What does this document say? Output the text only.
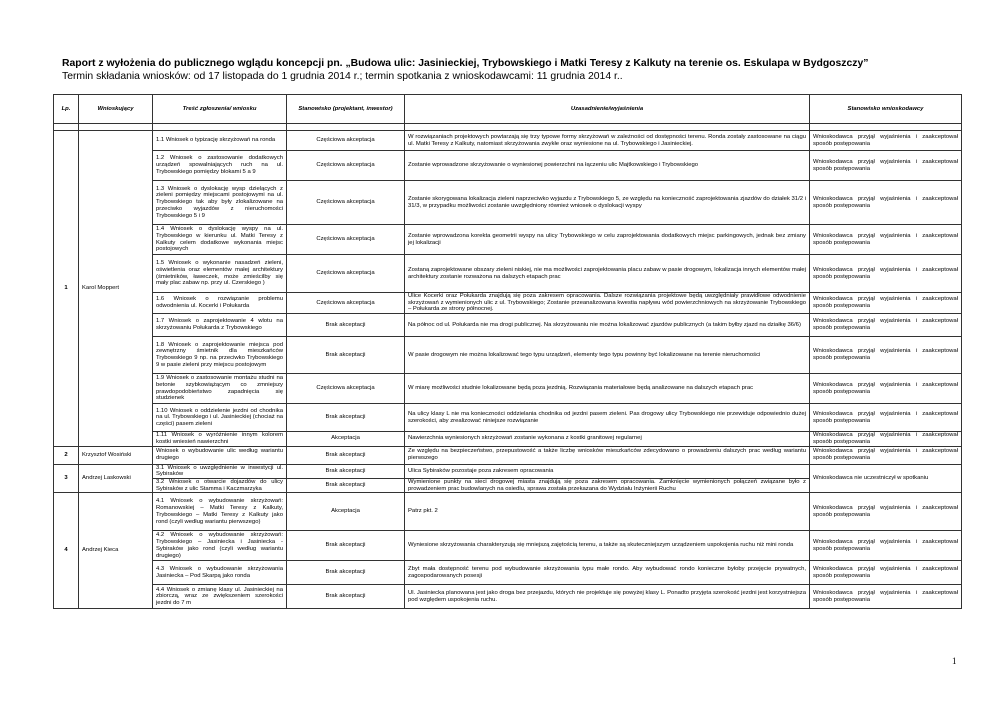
Raport z wyłożenia do publicznego wglądu koncepcji pn. „Budowa ulic: Jasinieckiej, Trybowskiego i Matki Teresy z Kalkuty na terenie os. Eskulapa w Bydgoszczy”
Termin składania wniosków: od 17 listopada do 1 grudnia 2014 r.; termin spotkania z wnioskodawcami: 11 grudnia 2014 r..
Lp.	Wnioskujący	Treść zgłoszenia/ wniosku	Stanowisko (projektant, inwestor)	Uzasadnienie/wyjaśnienia	Stanowisko wnioskodawcy

1	Karol Moppert	1.1 Wniosek o typizację skrzyżowań na ronda	Częściowa akceptacja	W rozwiązaniach projektowych powtarzają się trzy typowe formy skrzyżowań w zależności od dostępności terenu. Ronda zostały zastosowane na ciągu ul. Matki Teresy z Kalkuty, natomiast skrzyżowania zwykłe oraz wyniesione na ul. Trybowskiego i Jasinieckiej.	Wnioskodawca przyjął wyjaśnienia i zaakceptował sposób postępowania
		1.2 Wniosek o zastosowanie dodatkowych urządzeń spowalniających ruch na ul. Trybowskiego pomiędzy blokami 5 a 9	Częściowa akceptacja	Zostanie wprowadzone skrzyżowanie o wyniesionej powierzchni na łączeniu ulic Majtkowskiego i Trybowskiego	Wnioskodawca przyjął wyjaśnienia i zaakceptował sposób postępowania
		1.3 Wniosek o dyslokację wysp dzielących z zieleni pomiędzy miejscami postojowymi na ul. Trybowskiego tak aby były zlokalizowane na przeciwko wyjazdów z nieruchomości Trybowskiego 5 i 9	Częściowa akceptacja	Zostanie skorygowana lokalizacja zieleni naprzeciwko wyjazdu z Trybowskiego 5, ze względu na konieczność zaprojektowania zjazdów do działek 31/2 i 31/3, w przypadku możliwości zostanie uwzględniony również wniosek o dyslokacji wyspy	Wnioskodawca przyjął wyjaśnienia i zaakceptował sposób postępowania
		1.4 Wniosek o dyslokację wyspy na ul. Trybowskiego w kierunku ul. Matki Teresy z Kalkuty celem dodatkowe wykonania miejsc postojowych	Częściowa akceptacja	Zostanie wprowadzona korekta geometrii wyspy na ulicy Trybowskiego w celu zaprojektowania dodatkowych miejsc parkingowych, jednak bez zmiany jej lokalizacji	Wnioskodawca przyjął wyjaśnienia i zaakceptował sposób postępowania
		1.5 Wniosek o wykonanie nasadzeń zieleni, oświetlenia oraz elementów małej architektury (śmietników, ławeczek, może zmieścilby się mały plac zabaw np. przy ul. Czerskiego )	Częściowa akceptacja	Zostaną zaprojektowane obszary zieleni niskiej, nie ma możliwości zaprojektowania placu zabaw w pasie drogowym, lokalizacja innych elementów małej architektury zostanie rozważona na dalszych etapach prac	Wnioskodawca przyjął wyjaśnienia i zaakceptował sposób postępowania
		1.6 Wniosek o rozwiązanie problemu odwodnienia ul. Kocerki i Połukarda	Częściowa akceptacja	Ulice Kocerki oraz Połukarda znajdują się poza zakresem opracowania. Dalsze rozwiązania projektowe będą uwzględniały prawidłowe odwodnienie skrzyżowań z wymienionych ulic z ul. Trybowskiego; Zostanie przeanalizowana kwestia napływu wód powierzchniowych na skrzyżowanie Trybowskiego – Połukarda ze strony północnej.	Wnioskodawca przyjął wyjaśnienia i zaakceptował sposób postępowania
		1.7 Wniosek o zaprojektowanie 4 wlotu na skrzyżowaniu Połukarda z Trybowskiego	Brak akceptacji	Na północ od ul. Połukarda nie ma drogi publicznej. Na skrzyżowaniu nie można lokalizować zjazdów publicznych (a takim byłby zjazd na działkę 36/6)	Wnioskodawca przyjął wyjaśnienia i zaakceptował sposób postępowania
		1.8 Wniosek o zaprojektowanie miejsca pod zewnętrzny śmietnik dla mieszkańców Trybowskiego 9 np. na przeciwko Trybowskiego 9 w pasie zieleni przy miejscu postojowym	Brak akceptacji	W pasie drogowym nie można lokalizować tego typu urządzeń, elementy tego typu powinny być lokalizowane na terenie nieruchomości	Wnioskodawca przyjął wyjaśnienia i zaakceptował sposób postępowania
		1.9 Wniosek o zastosowanie montażu studni na betonie szybkowiążącym co zmniejszy prawdopodobieństwo zapadnięcia się studzienek	Częściowa akceptacja	W miarę możliwości studnie lokalizowane będą poza jezdnią. Rozwiązania materiałowe będą analizowane na dalszych etapach prac	Wnioskodawca przyjął wyjaśnienia i zaakceptował sposób postępowania
		1.10 Wniosek o oddzielenie jezdni od chodnika na ul. Trybowskiego i ul. Jasinieckiej (chociaż na części) pasem zieleni	Brak akceptacji	Na ulicy klasy L nie ma konieczności oddzielania chodnika od jezdni pasem zieleni. Pas drogowy ulicy Trybowskiego nie przewiduje odpowiednio dużej szerokości, aby zrealizować niniejsze rozwiązanie	Wnioskodawca przyjął wyjaśnienia i zaakceptował sposób postępowania
		1.11 Wniosek o wyróżnienie innym kolorem kostki wniesień nawierzchni	Akceptacja	Nawierzchnia wyniesionych skrzyżowań zostanie wykonana z kostki granitowej regularnej	Wnioskodawca przyjął wyjaśnienia i zaakceptował sposób postępowania
2	Krzysztof Wosiński	Wniosek o wybudowanie ulic według wariantu drugiego	Brak akceptacji	Ze względu na bezpieczeństwo, przepustowość a także liczbę wniosków mieszkańców zdecydowano o prowadzeniu dalszych prac według wariantu pierwszego	Wnioskodawca przyjął wyjaśnienia i zaakceptował sposób postępowania
3	Andrzej Laskowski	3.1 Wniosek o uwzględnienie w inwestycji ul. Sybiraków	Brak akceptacji	Ulica Sybiraków pozostaje poza zakresem opracowania	Wnioskodawca nie uczestniczył w spotkaniu
		3.2 Wniosek o otwarcie dojazdów do ulicy Sybiraków z ulic Stamma i Kaczmarzyka	Brak akceptacji	Wymienione punkty na sieci drogowej miasta znajdują się poza zakresem opracowania. Zamknięcie wymienionych połączeń związane było z prowadzeniem prac budowlanych na osiedlu, sprawa została przekazana do Wydziału Inżynierii Ruchu	
4	Andrzej Kieca	4.1 Wniosek o wybudowanie skrzyżowań: Romanowskiej – Matki Teresy z Kalkuty, Trybowskiego – Matki Teresy z Kalkuty jako rond (czyli według wariantu pierwszego)	Akceptacja	Patrz pkt. 2	Wnioskodawca przyjął wyjaśnienia i zaakceptował sposób postępowania
		4.2 Wniosek o wybudowanie skrzyżowań: Trybowskiego – Jasiniecka i Jasiniecka - Sybiraków jako rond (czyli według wariantu drugiego)	Brak akceptacji	Wyniesione skrzyżowania charakteryzują się mniejszą zajętością terenu, a także są skuteczniejszym urządzeniem uspokojenia ruchu niż mini ronda	Wnioskodawca przyjął wyjaśnienia i zaakceptował sposób postępowania
		4.3 Wniosek o wybudowanie skrzyżowania Jasiniecka – Pod Skarpą jako ronda	Brak akceptacji	Zbyt mała dostępność terenu pod wybudowanie skrzyżowania typu małe rondo. Aby wybudować rondo konieczne byłoby przejęcie prywatnych, zagospodarowanych posesji	Wnioskodawca przyjął wyjaśnienia i zaakceptował sposób postępowania
		4.4 Wniosek o zmianę klasy ul. Jasinieckiej na zbiorczą, wraz ze zwiększeniem szerokości jezdni do 7 m	Brak akceptacji	Ul. Jasiniecka planowana jest jako droga bez przejazdu, których nie projektuje się powyżej klasy L. Ponadto przyjęta szerokość jezdni jest korzystniejsza pod względem uspokojenia ruchu.	Wnioskodawca przyjął wyjaśnienia i zaakceptował sposób postępowania
1
